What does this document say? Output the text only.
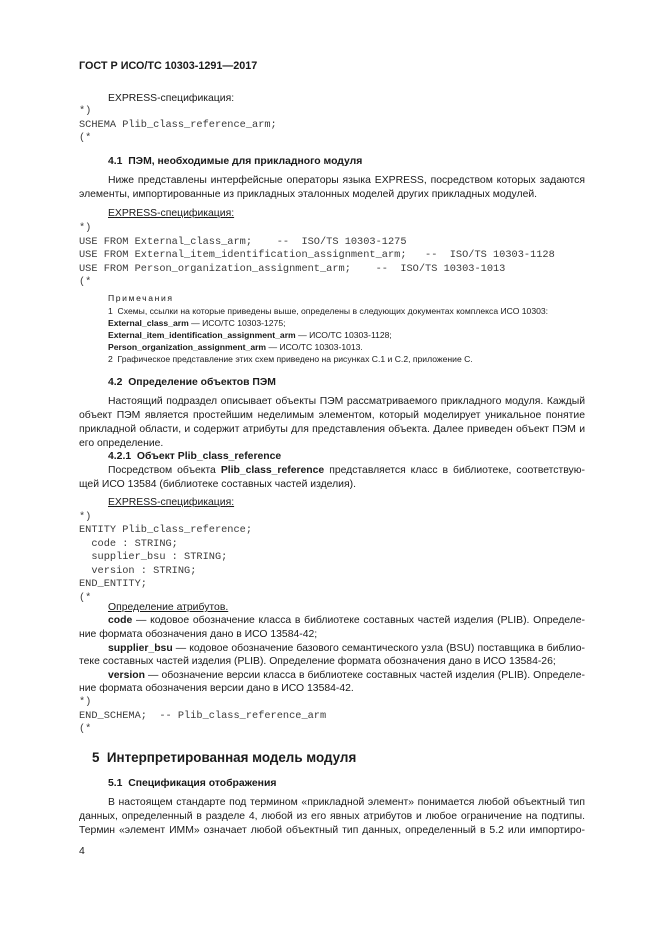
ГОСТ Р ИСО/ТС 10303-1291—2017
EXPRESS-спецификация:
*)
SCHEMA Plib_class_reference_arm;
(*
4.1  ПЭМ, необходимые для прикладного модуля
Ниже представлены интерфейсные операторы языка EXPRESS, посредством которых задаются
элементы, импортированные из прикладных эталонных моделей других прикладных модулей.
EXPRESS-спецификация:
*)
USE FROM External_class_arm;    --  ISO/TS 10303-1275
USE FROM External_item_identification_assignment_arm;   --  ISO/TS 10303-1128
USE FROM Person_organization_assignment_arm;    --  ISO/TS 10303-1013
(*
Примечания
1  Схемы, ссылки на которые приведены выше, определены в следующих документах комплекса ИСО 10303:
External_class_arm — ИСО/ТС 10303-1275;
External_item_identification_assignment_arm — ИСО/ТС 10303-1128;
Person_organization_assignment_arm — ИСО/ТС 10303-1013.
2  Графическое представление этих схем приведено на рисунках С.1 и С.2, приложение С.
4.2  Определение объектов ПЭМ
Настоящий подраздел описывает объекты ПЭМ рассматриваемого прикладного модуля. Каждый
объект ПЭМ является простейшим неделимым элементом, который моделирует уникальное понятие
прикладной области, и содержит атрибуты для представления объекта. Далее приведен объект ПЭМ и
его определение.
4.2.1  Объект Plib_class_reference
Посредством объекта Plib_class_reference представляется класс в библиотеке, соответствую-
щей ИСО 13584 (библиотеке составных частей изделия).
EXPRESS-спецификация:
*)
ENTITY Plib_class_reference;
code : STRING;
supplier_bsu : STRING;
version : STRING;
END_ENTITY;
(*
Определение атрибутов.
code — кодовое обозначение класса в библиотеке составных частей изделия (PLIB). Определе-
ние формата обозначения дано в ИСО 13584-42;
supplier_bsu — кодовое обозначение базового семантического узла (BSU) поставщика в библио-
теке составных частей изделия (PLIB). Определение формата обозначения дано в ИСО 13584-26;
version — обозначение версии класса в библиотеке составных частей изделия (PLIB). Определе-
ние формата обозначения версии дано в ИСО 13584-42.
*)
END_SCHEMA;  -- Plib_class_reference_arm
(*
5  Интерпретированная модель модуля
5.1  Спецификация отображения
В настоящем стандарте под термином «прикладной элемент» понимается любой объектный тип
данных, определенный в разделе 4, любой из его явных атрибутов и любое ограничение на подтипы.
Термин «элемент ИММ» означает любой объектный тип данных, определенный в 5.2 или импортиро-
4
